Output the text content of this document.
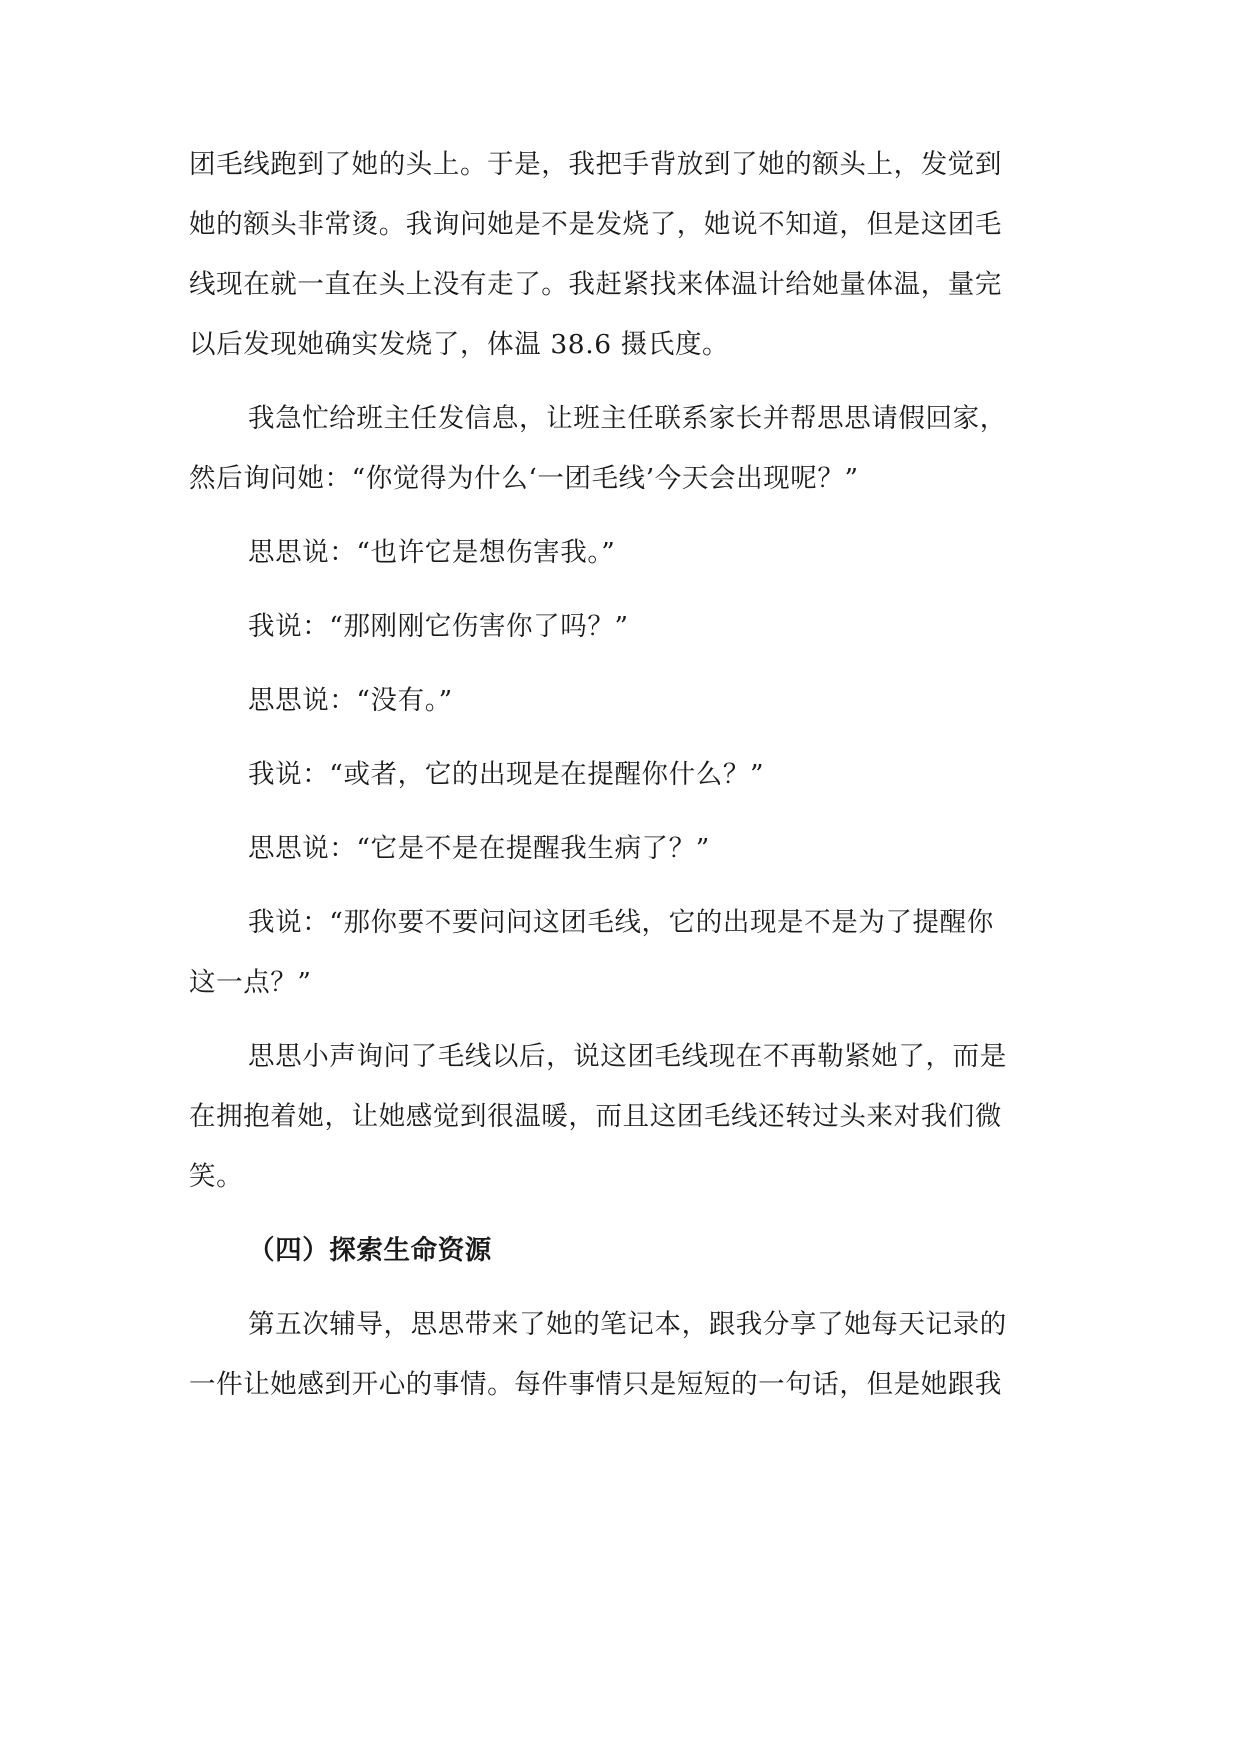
团毛线跑到了她的头上。于是，我把手背放到了她的额头上，发觉到
她的额头非常烫。我询问她是不是发烧了，她说不知道，但是这团毛
线现在就一直在头上没有走了。我赶紧找来体温计给她量体温，量完
以后发现她确实发烧了，体温 38.6 摄氏度。
我急忙给班主任发信息，让班主任联系家长并帮思思请假回家，
然后询问她：“你觉得为什么‘一团毛线’今天会出现呢？”
思思说：“也许它是想伤害我。”
我说：“那刚刚它伤害你了吗？”
思思说：“没有。”
我说：“或者，它的出现是在提醒你什么？”
思思说：“它是不是在提醒我生病了？”
我说：“那你要不要问问这团毛线，它的出现是不是为了提醒你
这一点？”
思思小声询问了毛线以后，说这团毛线现在不再勒紧她了，而是
在拥抱着她，让她感觉到很温暖，而且这团毛线还转过头来对我们微
笑。
（四）探索生命资源
第五次辅导，思思带来了她的笔记本，跟我分享了她每天记录的
一件让她感到开心的事情。每件事情只是短短的一句话，但是她跟我
